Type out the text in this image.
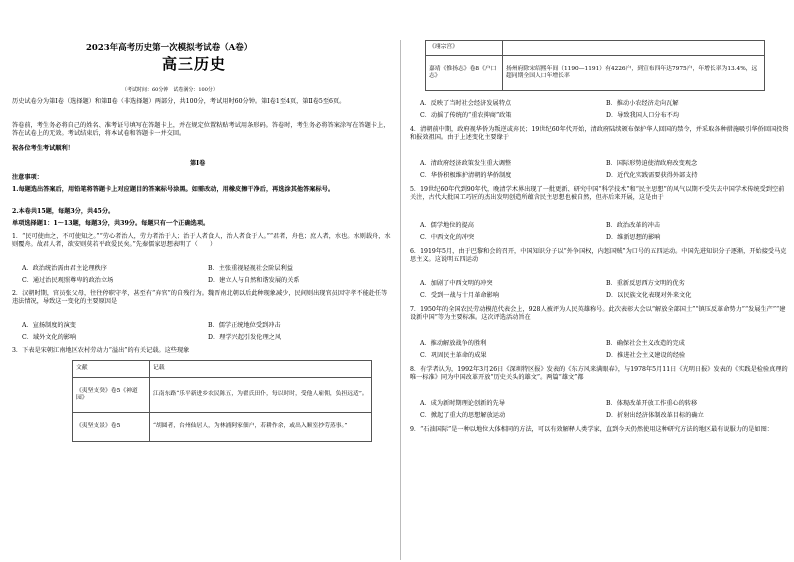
2023年高考历史第一次模拟考试卷（A卷）
高三历史
（考试时间：60分钟　试卷满分：100分）
历史试卷分为第Ⅰ卷（选择题）和第Ⅱ卷（非选择题）两部分，共100分，考试用时60分钟。第Ⅰ卷1至4页，第Ⅱ卷5至6页。
答卷前，考生务必将自己的姓名、准考证号填写在答题卡上，并在规定位置粘贴考试用条形码。答卷时，考生务必将答案涂写在答题卡上，答在试卷上的无效。考试结束后，将本试卷和答题卡一并交回。
祝各位考生考试顺利！
第Ⅰ卷
注意事项：
1.每题选出答案后，用铅笔将答题卡上对应题目的答案标号涂黑。如需改动，用橡皮擦干净后，再选涂其他答案标号。
2.本卷共15题，每题3分，共45分。
单项选择题1：1～13题，每题3分，共39分。每题只有一个正确选项。
1．“民可使由之，不可使知之。”“劳心者治人，劳力者治于人；治于人者食人，治人者食于人。”“君者，舟也；庶人者，水也。水则载舟，水则覆舟。故君人者，欲安则莫若平政爱民矣。”先秦儒家思想表明了（　　）
A．政治统治需由君主论理秩序	B．主张重视轻视社会阶层利益
C．通过治民观照尊卑的政治立场	D．建立人与自然和谐发展的关系
2．汉朝时期，官员张父母，往往停职守孝，甚至有“弃官”的自残行为。魏晋南北朝以后此种现象减少，民间则出现官员因守孝不能赴任等违法情况，导致这一变化的主要原因是
A．宣扬制度的演变	B．儒学正统地位受到冲击
C．域外文化的影响	D．理学兴起引发伦理之风
3．下表是宋朝江南地区农村劳动力“溢出”的有关记载。这些现象
文献	记载
《夷坚支癸》卷5《神道园》	江南东路“乐平新进乡农民陈五，为翟氏田仆，每以时时，受他人雇佣，负担远适”。
《夷坚支景》卷5	“胡圆者，台州仙居人，为林浦阿家佃户，若耕作余，或出入顺室抄劳蒸事。”
《翊宗宫》	
嘉靖《惟扬志》卷8《户口志》	扬州府除宋绍熙年间（1190—1191）有4226户，到宣布四年达7975户，年增长率为13.4%，远超同期全国人口年增长率
A．反映了当时社会经济发展特点	B．推动小农经济走向瓦解
C．动摇了传统的“重农抑商”政策	D．导致我国人口分布不均
4．清朝前中期，政府视华侨为叛逆或弃民；19世纪60年代开始，清政府陆续颁布保护华人回国的禁令，并采取各种措施吸引华侨回国投资和报效祖国。由于上述变化主要缘于
A．清政府经济政策发生重大调整	B．国际形势迫使清政府改变观念
C．华侨积极维护清朝的华侨制度	D．近代化实践需要获得外部支持
5．19世纪60年代到90年代，晚清学术界出现了一批更新、研究中国“科学技术”和“民主思想”的风气以期不受失去中国学术传统受到空前关注，古代大批国工巧匠的杰出发明创造所蕴含民主思想也被自然，但亦后来开展，这是由于
A．儒学地位的提高	B．政治改革的冲击
C．中西文化的冲突	D．维新思想的影响
6．1919年5月，由于巴黎和会的召开，中国知识分子以“外争国权，内惩国贼”为口号的五四运动。中国先进知识分子逐渐，开始接受马克思主义。这说明五四运动
A．加剧了中西文明的冲突	B．重新反思西方文明的优劣
C．受到一战与十月革命影响	D．以民族文化表现对外来文化
7．1950年的全国农民劳动模范代表会上，928人被评为人民英雄称号。此次表彰大会以“解放全部国土”“镇压反革命势力”“发展生产”“建设新中国”等为主要标准。这次评选活动旨在
A．推动解放战争的胜利	B．确保社会主义改造的完成
C．巩固民主革命的成果	D．推进社会主义建设的经验
8．有学者认为，1992年3月26日《深圳特区报》发表的《东方风来满眼春》，与1978年5月11日《光明日报》发表的《实践是检验真理的唯一标准》同为中国改革开放“历史关头的雄文”。两篇“雄文”都
A．成为新时期理论创新的先导	B．体现改革开放工作重心的转移
C．掀起了重大的思想解放运动	D．折射出经济体制改革目标的确立
9．“石油国际”是一种以地位大体相同的方法，可以有效解释人类学家，直到今天仍然使用这种研究方法的地区最有说服力的是如图：
